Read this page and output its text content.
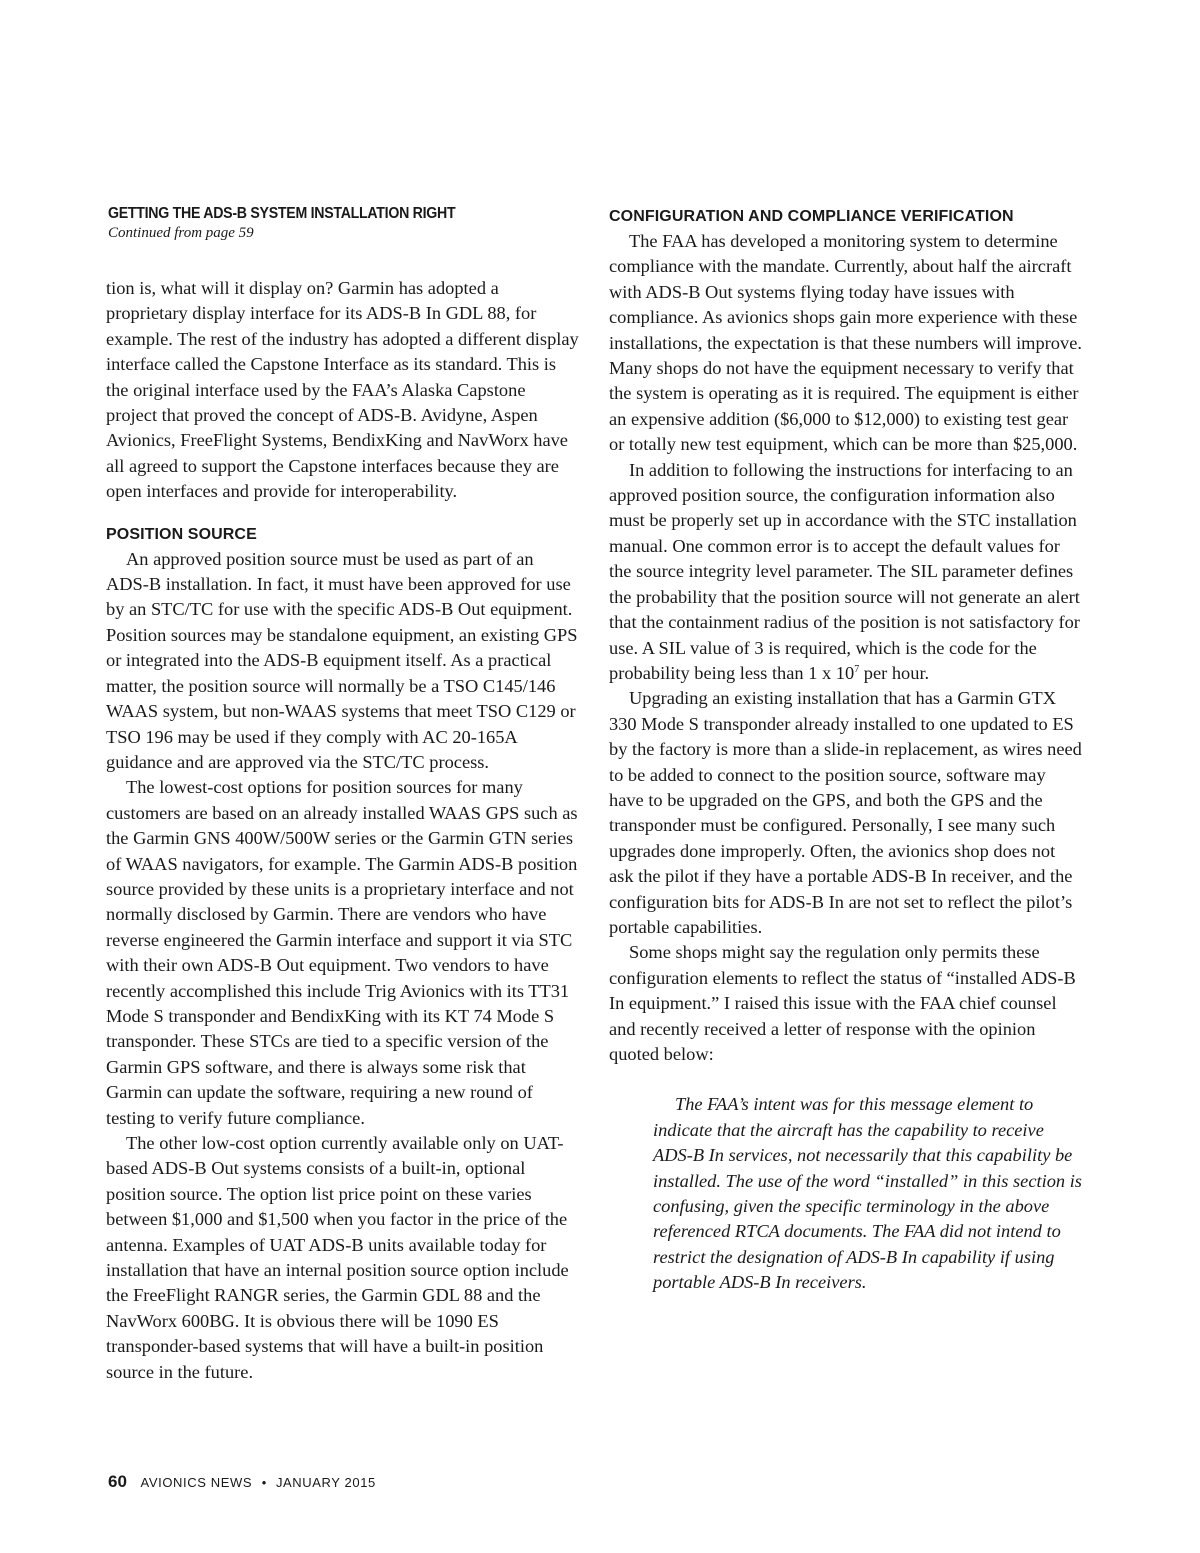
GETTING THE ADS-B SYSTEM INSTALLATION RIGHT
Continued from page 59

tion is, what will it display on? Garmin has adopted a proprietary display interface for its ADS-B In GDL 88, for example. The rest of the industry has adopted a different display interface called the Capstone Interface as its standard. This is the original interface used by the FAA’s Alaska Capstone project that proved the concept of ADS-B. Avidyne, Aspen Avionics, FreeFlight Systems, BendixKing and NavWorx have all agreed to support the Capstone interfaces because they are open interfaces and provide for interoperability.

POSITION SOURCE

An approved position source must be used as part of an ADS-B installation. In fact, it must have been approved for use by an STC/TC for use with the specific ADS-B Out equipment. Position sources may be standalone equipment, an existing GPS or integrated into the ADS-B equipment itself. As a practical matter, the position source will normally be a TSO C145/146 WAAS system, but non-WAAS systems that meet TSO C129 or TSO 196 may be used if they comply with AC 20-165A guidance and are approved via the STC/TC process.

The lowest-cost options for position sources for many customers are based on an already installed WAAS GPS such as the Garmin GNS 400W/500W series or the Garmin GTN series of WAAS navigators, for example. The Garmin ADS-B position source provided by these units is a proprietary interface and not normally disclosed by Garmin. There are vendors who have reverse engineered the Garmin interface and support it via STC with their own ADS-B Out equipment. Two vendors to have recently accomplished this include Trig Avionics with its TT31 Mode S transponder and BendixKing with its KT 74 Mode S transponder. These STCs are tied to a specific version of the Garmin GPS software, and there is always some risk that Garmin can update the software, requiring a new round of testing to verify future compliance.

The other low-cost option currently available only on UAT-based ADS-B Out systems consists of a built-in, optional position source. The option list price point on these varies between $1,000 and $1,500 when you factor in the price of the antenna. Examples of UAT ADS-B units available today for installation that have an internal position source option include the FreeFlight RANGR series, the Garmin GDL 88 and the NavWorx 600BG. It is obvious there will be 1090 ES transponder-based systems that will have a built-in position source in the future.

CONFIGURATION AND COMPLIANCE VERIFICATION

The FAA has developed a monitoring system to determine compliance with the mandate. Currently, about half the aircraft with ADS-B Out systems flying today have issues with compliance. As avionics shops gain more experience with these installations, the expectation is that these numbers will improve. Many shops do not have the equipment necessary to verify that the system is operating as it is required. The equipment is either an expensive addition ($6,000 to $12,000) to existing test gear or totally new test equipment, which can be more than $25,000.

In addition to following the instructions for interfacing to an approved position source, the configuration information also must be properly set up in accordance with the STC installation manual. One common error is to accept the default values for the source integrity level parameter. The SIL parameter defines the probability that the position source will not generate an alert that the containment radius of the position is not satisfactory for use. A SIL value of 3 is required, which is the code for the probability being less than 1 x $10^7$ per hour.

Upgrading an existing installation that has a Garmin GTX 330 Mode S transponder already installed to one updated to ES by the factory is more than a slide-in replacement, as wires need to be added to connect to the position source, software may have to be upgraded on the GPS, and both the GPS and the transponder must be configured. Personally, I see many such upgrades done improperly. Often, the avionics shop does not ask the pilot if they have a portable ADS-B In receiver, and the configuration bits for ADS-B In are not set to reflect the pilot’s portable capabilities.

Some shops might say the regulation only permits these configuration elements to reflect the status of “installed ADS-B In equipment.” I raised this issue with the FAA chief counsel and recently received a letter of response with the opinion quoted below:

The FAA’s intent was for this message element to indicate that the aircraft has the capability to receive ADS-B In services, not necessarily that this capability be installed. The use of the word “installed” in this section is confusing, given the specific terminology in the above referenced RTCA documents. The FAA did not intend to restrict the designation of ADS-B In capability if using portable ADS-B In receivers.

60 AVIONICS NEWS • JANUARY 2015
